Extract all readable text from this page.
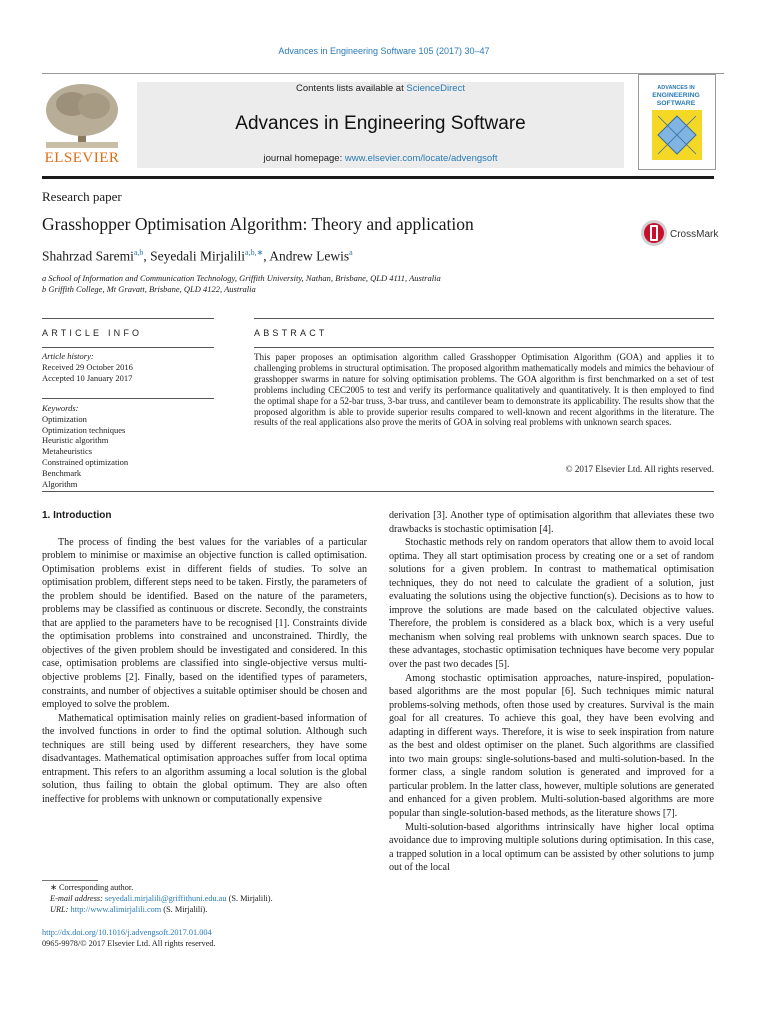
Advances in Engineering Software 105 (2017) 30–47
ELSEVIER
Contents lists available at ScienceDirect
Advances in Engineering Software
journal homepage: www.elsevier.com/locate/advengsoft
ADVANCES IN
ENGINEERING
SOFTWARE
Research paper
Grasshopper Optimisation Algorithm: Theory and application
CrossMark
Shahrzad Saremi$^{a,b}$, Seyedali Mirjalili$^{a,b,∗}$, Andrew Lewis$^a$
a School of Information and Communication Technology, Griffith University, Nathan, Brisbane, QLD 4111, Australia
b Griffith College, Mt Gravatt, Brisbane, QLD 4122, Australia
ARTICLE INFO
Article history:
Received 29 October 2016
Accepted 10 January 2017
Keywords:
Optimization
Optimization techniques
Heuristic algorithm
Metaheuristics
Constrained optimization
Benchmark
Algorithm
ABSTRACT
This paper proposes an optimisation algorithm called Grasshopper Optimisation Algorithm (GOA) and applies it to challenging problems in structural optimisation. The proposed algorithm mathematically models and mimics the behaviour of grasshopper swarms in nature for solving optimisation problems. The GOA algorithm is first benchmarked on a set of test problems including CEC2005 to test and verify its performance qualitatively and quantitatively. It is then employed to find the optimal shape for a 52-bar truss, 3-bar truss, and cantilever beam to demonstrate its applicability. The results show that the proposed algorithm is able to provide superior results compared to well-known and recent algorithms in the literature. The results of the real applications also prove the merits of GOA in solving real problems with unknown search spaces.
© 2017 Elsevier Ltd. All rights reserved.

1. Introduction

The process of finding the best values for the variables of a particular problem to minimise or maximise an objective function is called optimisation. Optimisation problems exist in different fields of studies. To solve an optimisation problem, different steps need to be taken. Firstly, the parameters of the problem should be identified. Based on the nature of the parameters, problems may be classified as continuous or discrete. Secondly, the constraints that are applied to the parameters have to be recognised [1]. Constraints divide the optimisation problems into constrained and unconstrained. Thirdly, the objectives of the given problem should be investigated and considered. In this case, optimisation problems are classified into single-objective versus multi-objective problems [2]. Finally, based on the identified types of parameters, constraints, and number of objectives a suitable optimiser should be chosen and employed to solve the problem.

Mathematical optimisation mainly relies on gradient-based information of the involved functions in order to find the optimal solution. Although such techniques are still being used by different researchers, they have some disadvantages. Mathematical optimisation approaches suffer from local optima entrapment. This refers to an algorithm assuming a local solution is the global solution, thus failing to obtain the global optimum. They are also often ineffective for problems with unknown or computationally expensive

derivation [3]. Another type of optimisation algorithm that alleviates these two drawbacks is stochastic optimisation [4].

Stochastic methods rely on random operators that allow them to avoid local optima. They all start optimisation process by creating one or a set of random solutions for a given problem. In contrast to mathematical optimisation techniques, they do not need to calculate the gradient of a solution, just evaluating the solutions using the objective function(s). Decisions as to how to improve the solutions are made based on the calculated objective values. Therefore, the problem is considered as a black box, which is a very useful mechanism when solving real problems with unknown search spaces. Due to these advantages, stochastic optimisation techniques have become very popular over the past two decades [5].

Among stochastic optimisation approaches, nature-inspired, population-based algorithms are the most popular [6]. Such techniques mimic natural problems-solving methods, often those used by creatures. Survival is the main goal for all creatures. To achieve this goal, they have been evolving and adapting in different ways. Therefore, it is wise to seek inspiration from nature as the best and oldest optimiser on the planet. Such algorithms are classified into two main groups: single-solutions-based and multi-solution-based. In the former class, a single random solution is generated and improved for a particular problem. In the latter class, however, multiple solutions are generated and enhanced for a given problem. Multi-solution-based algorithms are more popular than single-solution-based methods, as the literature shows [7].

Multi-solution-based algorithms intrinsically have higher local optima avoidance due to improving multiple solutions during optimisation. In this case, a trapped solution in a local optimum can be assisted by other solutions to jump out of the local

∗ Corresponding author.
E-mail address: seyedali.mirjalili@griffithuni.edu.au (S. Mirjalili).
URL: http://www.alimirjalili.com (S. Mirjalili).
http://dx.doi.org/10.1016/j.advengsoft.2017.01.004
0965-9978/© 2017 Elsevier Ltd. All rights reserved.
